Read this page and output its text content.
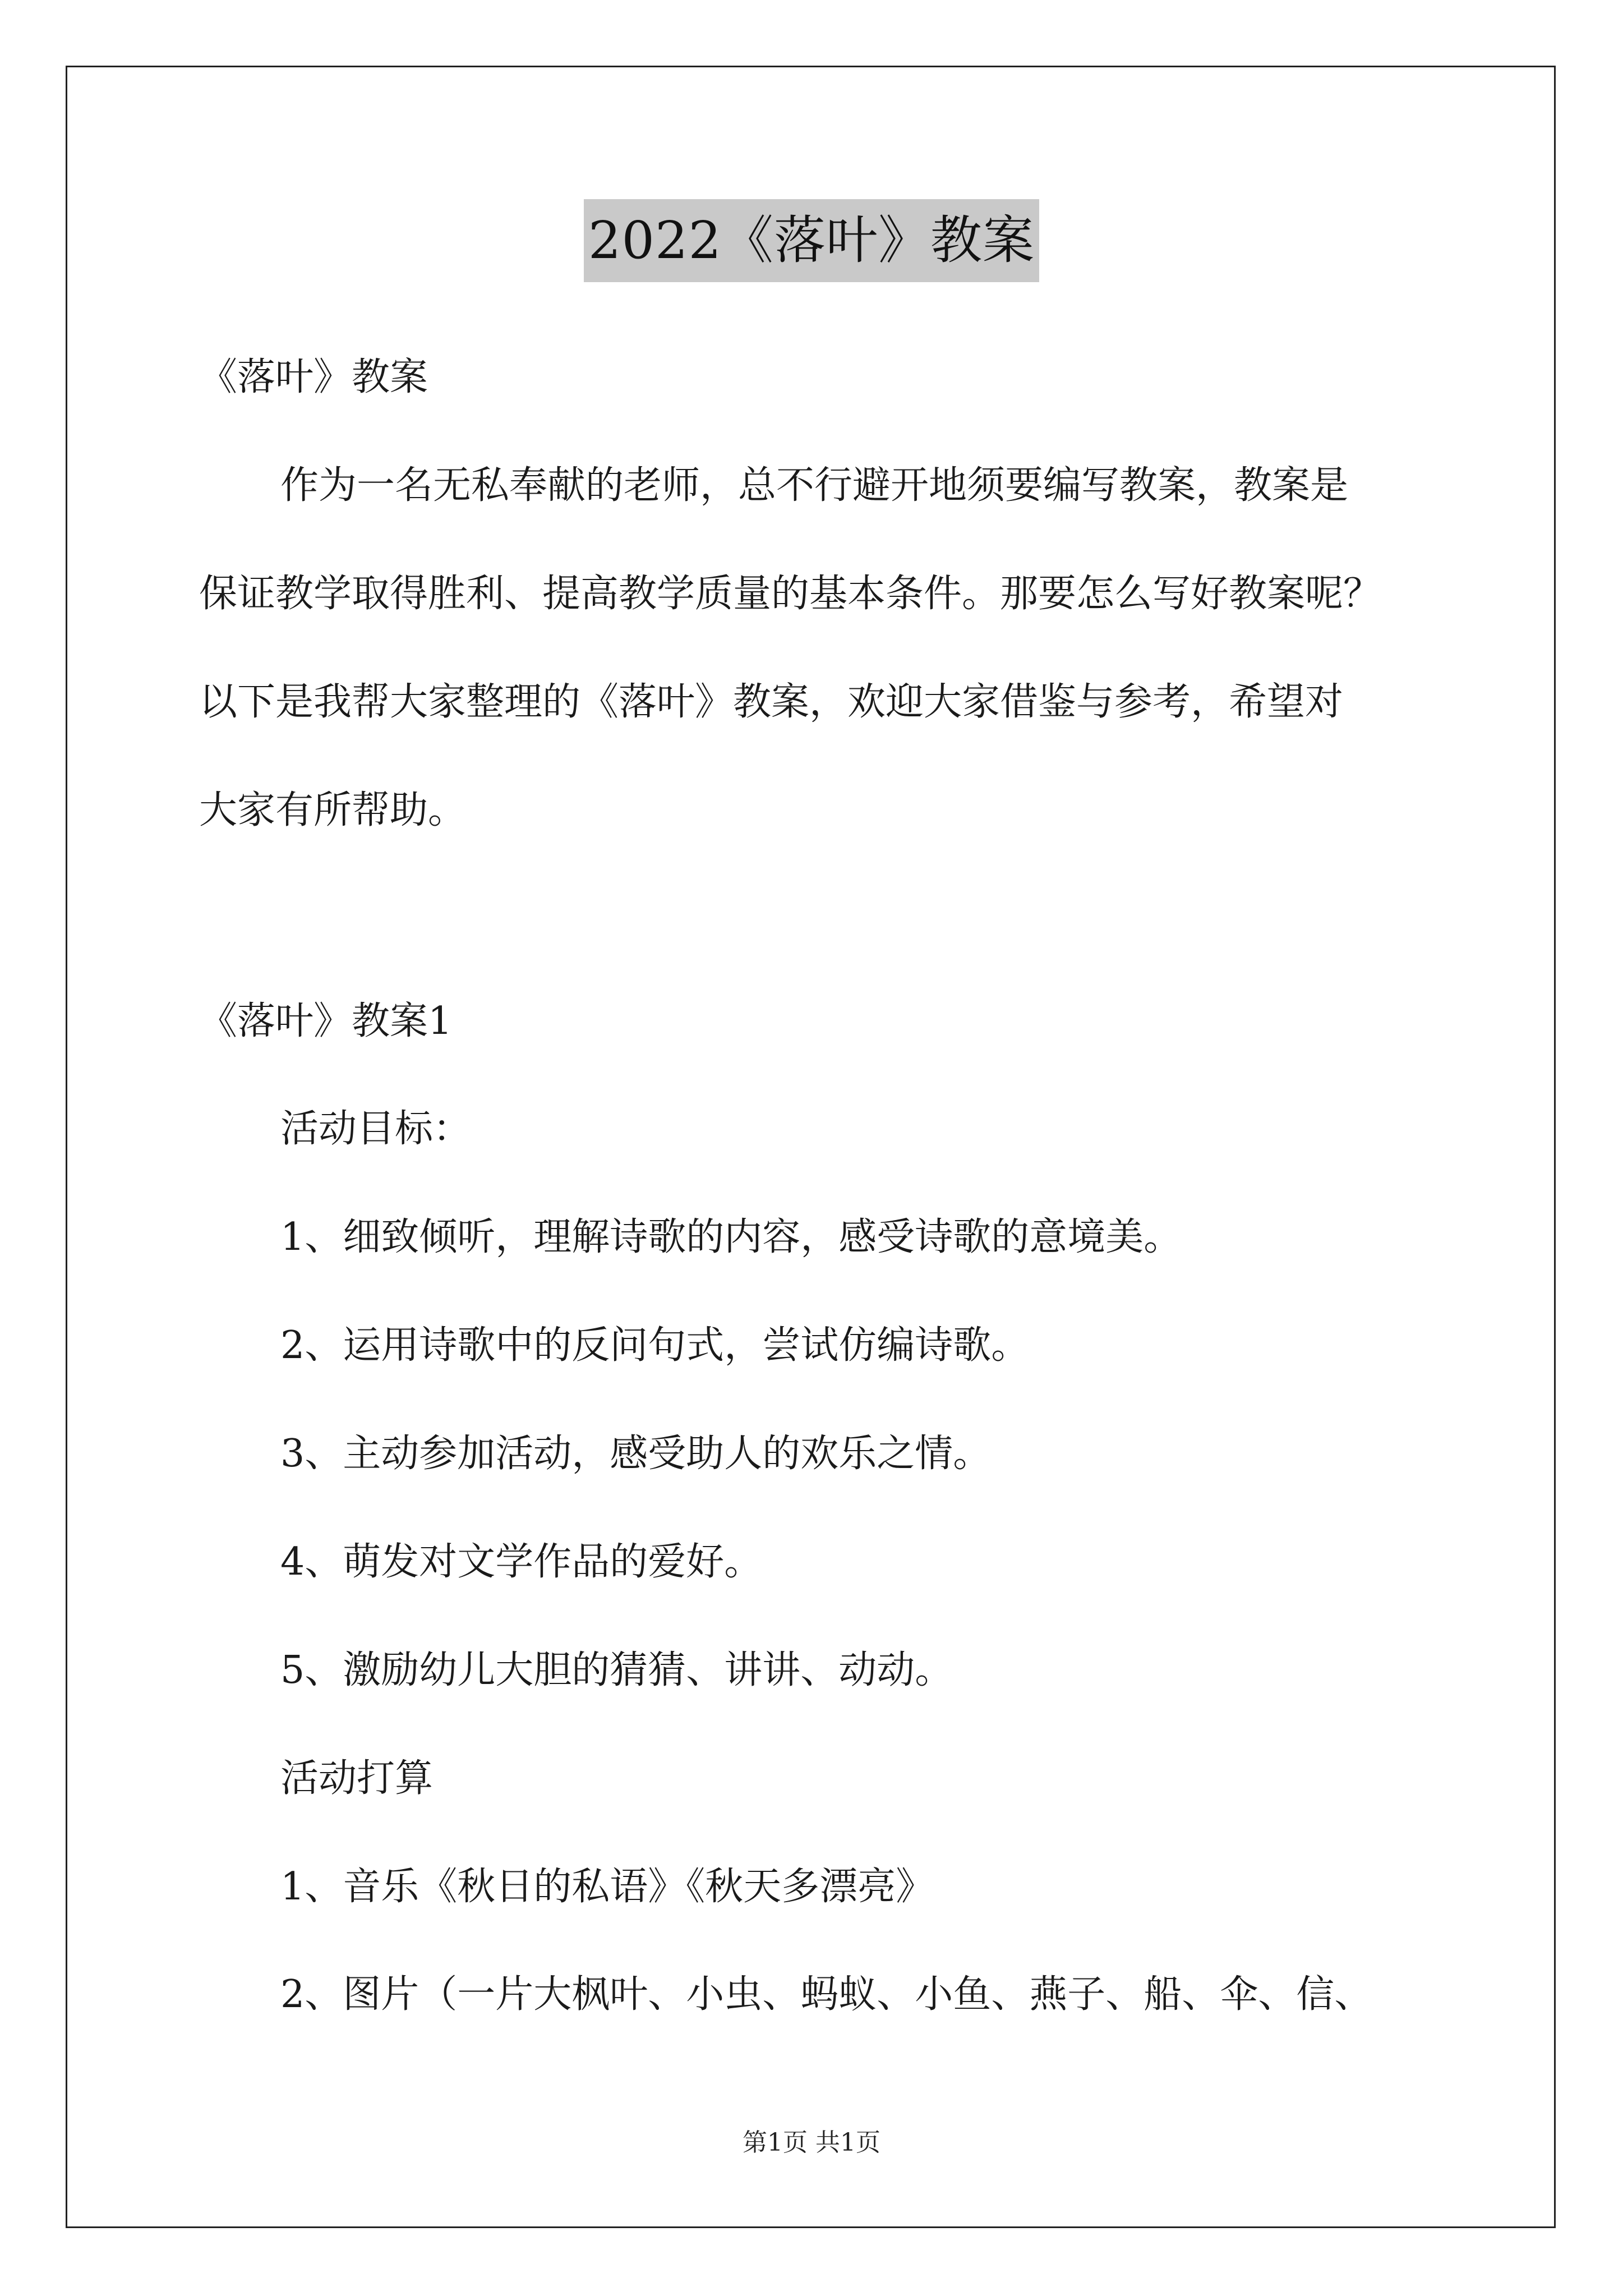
2022《落叶》教案
《落叶》教案
作为一名无私奉献的老师，总不行避开地须要编写教案，教案是
保证教学取得胜利、提高教学质量的基本条件。那要怎么写好教案呢？
以下是我帮大家整理的《落叶》教案，欢迎大家借鉴与参考，希望对
大家有所帮助。
《落叶》教案1
活动目标：
1、细致倾听，理解诗歌的内容，感受诗歌的意境美。
2、运用诗歌中的反问句式，尝试仿编诗歌。
3、主动参加活动，感受助人的欢乐之情。
4、萌发对文学作品的爱好。
5、激励幼儿大胆的猜猜、讲讲、动动。
活动打算
1、音乐《秋日的私语》《秋天多漂亮》
2、图片（一片大枫叶、小虫、蚂蚁、小鱼、燕子、船、伞、信、
第1页 共1页
